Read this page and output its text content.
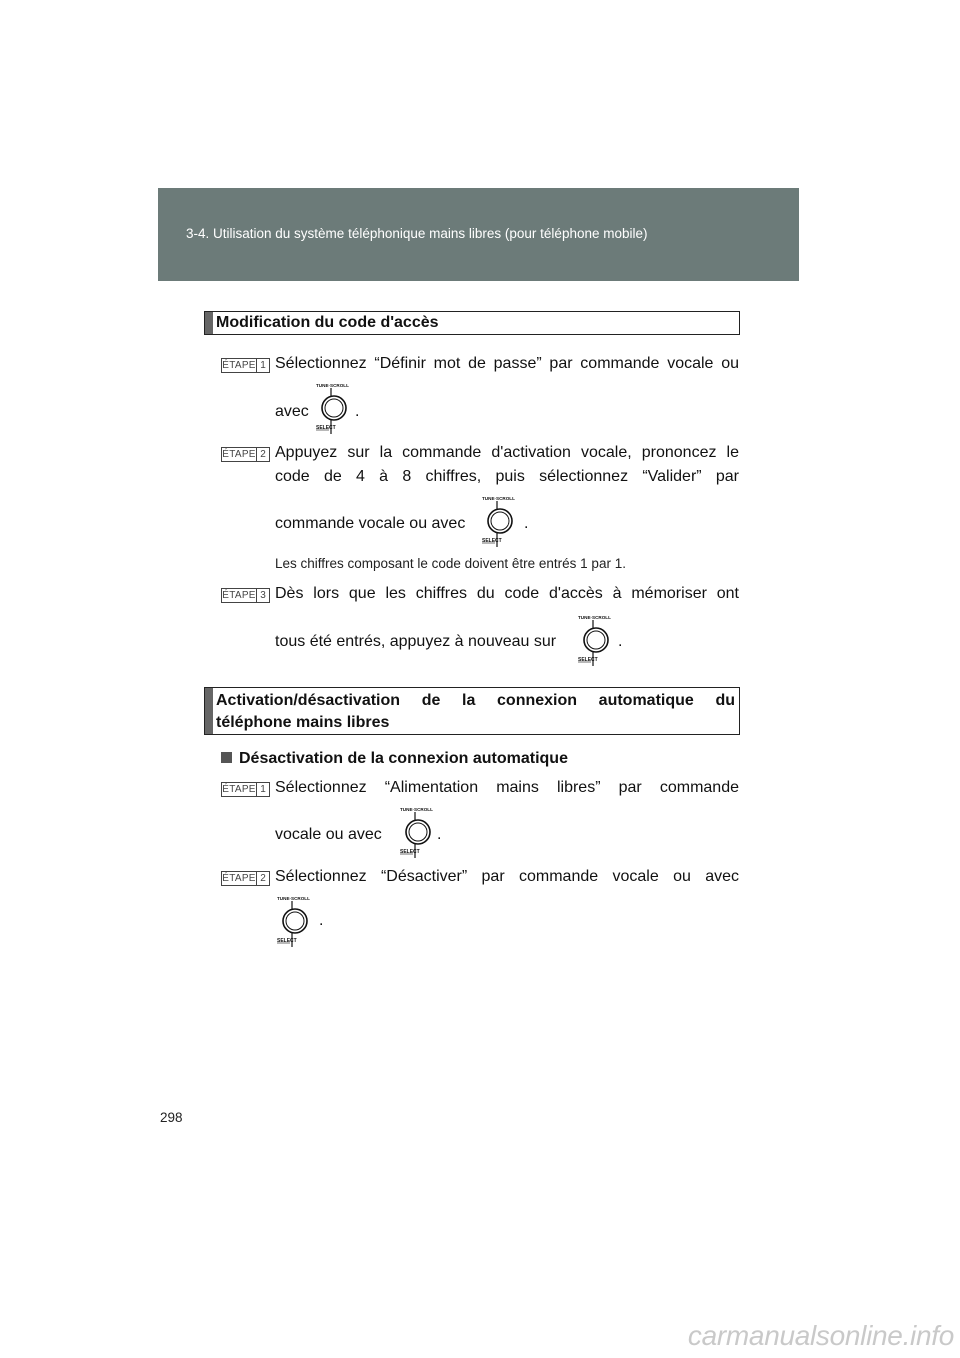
3-4. Utilisation du système téléphonique mains libres (pour téléphone mobile)
Modification du code d'accès
ÉTAPE 1 Sélectionnez “Définir mot de passe” par commande vocale ou
avec	.
ÉTAPE 2 Appuyez sur la commande d'activation vocale, prononcez le
code de 4 à 8 chiffres, puis sélectionnez “Valider” par
commande vocale ou avec	.
Les chiffres composant le code doivent être entrés 1 par 1.
ÉTAPE 3 Dès lors que les chiffres du code d'accès à mémoriser ont
tous été entrés, appuyez à nouveau sur	.
Activation/désactivation de la connexion automatique du
téléphone mains libres
Désactivation de la connexion automatique
ÉTAPE 1 Sélectionnez “Alimentation mains libres” par commande
vocale ou avec	.
ÉTAPE 2 Sélectionnez “Désactiver” par commande vocale ou avec
.
298
carmanualsonline.info
